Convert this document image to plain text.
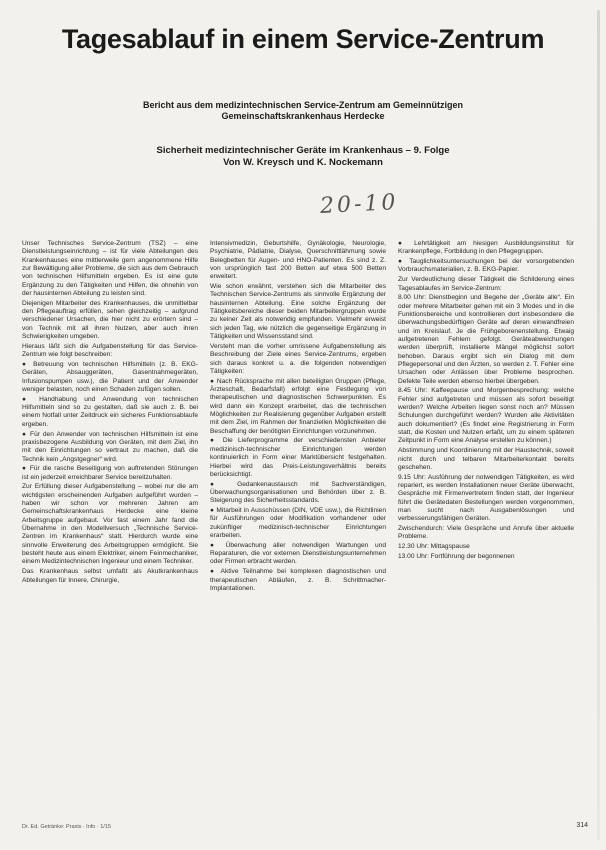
Tagesablauf in einem Service-Zentrum
Bericht aus dem medizintechnischen Service-Zentrum am Gemeinnützigen
Gemeinschaftskrankenhaus Herdecke
Sicherheit medizintechnischer Geräte im Krankenhaus – 9. Folge
Von W. Kreysch und K. Nockemann
20-10

Unser Technisches Service-Zentrum (TSZ) – eine Dienstleistungseinrichtung – ist für viele Abteilungen des Krankenhauses eine mittlerweile gern angenommene Hilfe zur Bewältigung aller Probleme, die sich aus dem Gebrauch von technischen Hilfsmitteln ergeben. Es ist eine gute Ergänzung zu den Tätigkeiten und Hilfen, die ohnehin von der hausinternen Abteilung zu leisten sind.

Diejenigen Mitarbeiter des Krankenhauses, die unmittelbar den Pflegeauftrag erfüllen, sehen gleichzeitig – aufgrund verschiedener Ursachen, die hier nicht zu erörtern sind – von Technik mit all ihren Nutzen, aber auch ihren Schwierigkeiten umgeben.

Hieraus läßt sich die Aufgabenstellung für das Service-Zentrum wie folgt beschreiben:

● Betreuung von technischen Hilfsmitteln (z. B. EKG-Geräten, Absauggeräten, Gasentnahmegeräten, Infusionspumpen usw.), die Patient und der Anwender weniger belasten, noch einen Schaden zufügen sollen.

● Handhabung und Anwendung von technischen Hilfsmitteln sind so zu gestalten, daß sie auch z. B. bei einem Notfall unter Zeitdruck ein sicheres Funktionsablaufe ergeben.

● Für den Anwender von technischen Hilfsmitteln ist eine praxisbezogene Ausbildung von Geräten, mit dem Ziel, ihn mit den Einrichtungen so vertraut zu machen, daß die Technik kein „Angstgegner“ wird.

● Für die rasche Beseitigung von auftretenden Störungen ist ein jederzeit erreichbarer Service bereitzuhalten.

Zur Erfüllung dieser Aufgabenstellung – wobei nur die am wichtigsten erscheinenden Aufgaben aufgeführt wurden – haben wir schon vor mehreren Jahren am Gemeinschaftskrankenhaus Herdecke eine kleine Arbeitsgruppe aufgebaut. Vor fast einem Jahr fand die Übernahme in den Modellversuch „Technische Service-Zentren im Krankenhaus“ statt. Hierdurch wurde eine sinnvolle Erweiterung des Arbeitsgruppen ermöglicht. Sie besteht heute aus einem Elektriker, einem Feinmechaniker, einem Medizintechnischen Ingenieur und einem Techniker.

Das Krankenhaus selbst umfaßt als Akutkrankenhaus Abteilungen für Innere, Chirurgie,

Intensivmedizin, Geburtshilfe, Gynäkologie, Neurologie, Psychiatrie, Pädiatrie, Dialyse, Querschnittlähmung sowie Belegbetten für Augen- und HNO-Patienten. Es sind z. Z. von ursprünglich fast 200 Betten auf etwa 500 Betten erweitert.

Wie schon erwähnt, verstehen sich die Mitarbeiter des Technischen Service-Zentrums als sinnvolle Ergänzung der hausinternen Abteilung. Eine solche Ergänzung der Tätigkeitsbereiche dieser beiden Mitarbeitergruppen wurde zu keiner Zeit als notwendig empfunden. Vielmehr erweist sich jeden Tag, wie nützlich die gegenseitige Ergänzung in Tätigkeiten und Wissensstand sind.

Versteht man die vorher umrissene Aufgabenstellung als Beschreibung der Ziele eines Service-Zentrums, ergeben sich daraus konkret u. a. die folgenden notwendigen Tätigkeiten:

● Nach Rücksprache mit allen beteiligten Gruppen (Pflege, Ärzteschaft, Bedarfsfall) erfolgt eine Festlegung von therapeutischen und diagnostischen Schwerpunkten. Es wird dann ein Konzept erarbeitet, das die technischen Möglichkeiten zur Realisierung gegenüber Aufgaben erstellt mit dem Ziel, im Rahmen der finanziellen Möglichkeiten die Beschaffung der benötigten Einrichtungen vorzunehmen.

● Die Lieferprogramme der verschiedensten Anbieter medizinisch-technischer Einrichtungen werden kontinuierlich in Form einer Marktübersicht festgehalten. Hierbei wird das Preis-Leistungsverhältnis bereits berücksichtigt.

● Gedankenaustausch mit Sachverständigen, Überwachungsorganisationen und Behörden über z. B. Steigerung des Sicherheitsstandards.

● Mitarbeit in Ausschüssen (DIN, VDE usw.), die Richtlinien für Ausführungen oder Modifikation vorhandener oder zukünftiger medizinisch-technischer Einrichtungen erarbeiten.

● Überwachung aller notwendigen Wartungen und Reparaturen, die vor externen Dienstleistungsunternehmen oder Firmen erbracht werden.

● Aktive Teilnahme bei komplexen diagnostischen und therapeutischen Abläufen, z. B. Schrittmacher-Implantationen.

● Lehrtätigkeit am hiesigen Ausbildungsinstitut für Krankenpflege, Fortbildung in den Pflegegruppen.

● Tauglichkeitsuntersuchungen bei der vorsorgebenden Vorbrauchsmaterialien, z. B. EKG-Papier.

Zur Verdeutlichung dieser Tätigkeit die Schilderung eines Tagesablaufes im Service-Zentrum:

8.00 Uhr: Dienstbeginn und Begehe der „Geräte alle“. Ein oder mehrere Mitarbeiter gehen mit ein 3 Modes und in die Funktionsbereiche und kontrollieren dort insbesondere die überwachungsbedürftigen Geräte auf deren einwandfreien und im Kreislauf. Je die Frühgeborenenstellung. Etwaig aufgetretenen Fehlern gefolgt. Geräteabweichungen werden überprüft, installierte Mängel möglichst sofort behoben. Daraus ergibt sich ein Dialog mit dem Pflegepersonal und den Ärzten, so werden z. T. Fehler eine Ursachen oder Anlässen über Probleme besprochen. Defekte Teile werden ebenso hierbei übergeben.

8.45 Uhr: Kaffeepause und Morgenbesprechung: welche Fehler sind aufgetreten und müssen als sofort beseitigt werden? Welche Arbeiten liegen sonst noch an? Müssen Schulungen durchgeführt werden? Wurden alle Aktivitäten auch dokumentiert? (Es findet eine Registrierung in Form statt, die Kosten und Nutzen erfaßt, um zu einem späteren Zeitpunkt in Form eine Analyse erstellen zu können.)

Abstimmung und Koordinierung mit der Haustechnik, soweit nicht durch und telbaren Mitarbeiterkontakt bereits geschehen.

9.15 Uhr: Ausführung der notwendigen Tätigkeiten, es wird repariert, es werden Installationen neuer Geräte überwacht, Gespräche mit Firmenvertretern finden statt, der Ingenieur führt die Gerätedaten Bestellungen werden vorgenommen, man sucht nach Ausgabenlösungen und verbesserungsfähigen Geräten.

Zwischendurch: Viele Gespräche und Anrufe über aktuelle Probleme.

12.30 Uhr: Mittagspause

13.00 Uhr: Fortführung der begonnenen

Dr. Ed. Getränke: Praxis · Info · 1/15	314
